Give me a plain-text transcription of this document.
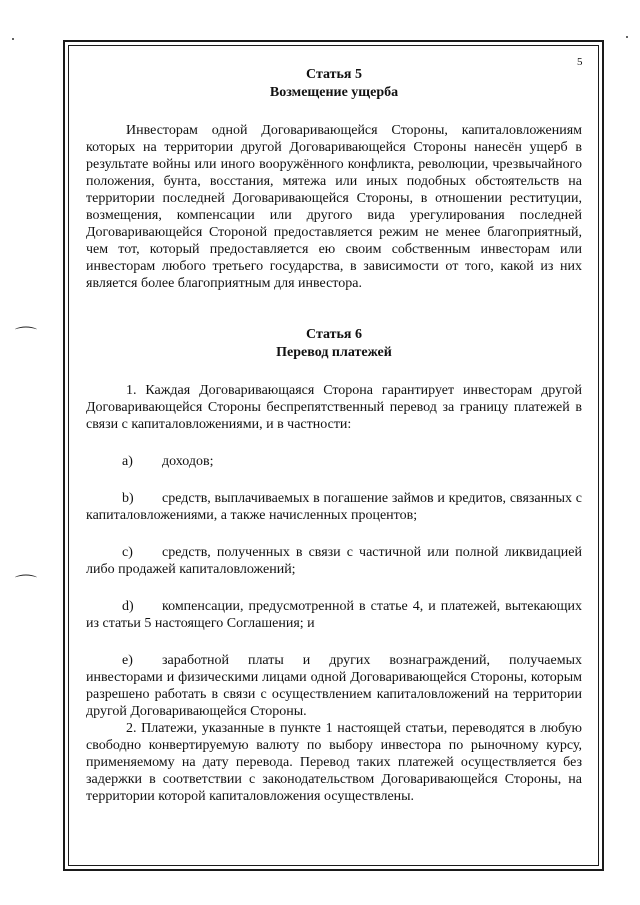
⌒
⌒
5
Статья 5
Возмещение ущерба

Инвесторам одной Договаривающейся Стороны, капиталовложениям которых на территории другой Договаривающейся Стороны нанесён ущерб в результате войны или иного вооружённого конфликта, революции, чрезвычайного положения, бунта, восстания, мятежа или иных подобных обстоятельств на территории последней Договаривающейся Стороны, в отношении реституции, возмещения, компенсации или другого вида урегулирования последней Договаривающейся Стороной предоставляется режим не менее благоприятный, чем тот, который предоставляется ею своим собственным инвесторам или инвесторам любого третьего государства, в зависимости от того, какой из них является более благоприятным для инвестора.

Статья 6
Перевод платежей

1. Каждая Договаривающаяся Сторона гарантирует инвесторам другой Договаривающейся Стороны беспрепятственный перевод за границу платежей в связи с капиталовложениями, и в частности:

a) доходов;

b) средств, выплачиваемых в погашение займов и кредитов, связанных с капиталовложениями, а также начисленных процентов;

c) средств, полученных в связи с частичной или полной ликвидацией либо продажей капиталовложений;

d) компенсации, предусмотренной в статье 4, и платежей, вытекающих из статьи 5 настоящего Соглашения; и

e) заработной платы и других вознаграждений, получаемых инвесторами и физическими лицами одной Договаривающейся Стороны, которым разрешено работать в связи с осуществлением капиталовложений на территории другой Договаривающейся Стороны.

2. Платежи, указанные в пункте 1 настоящей статьи, переводятся в любую свободно конвертируемую валюту по выбору инвестора по рыночному курсу, применяемому на дату перевода. Перевод таких платежей осуществляется без задержки в соответствии с законодательством Договаривающейся Стороны, на территории которой капиталовложения осуществлены.
